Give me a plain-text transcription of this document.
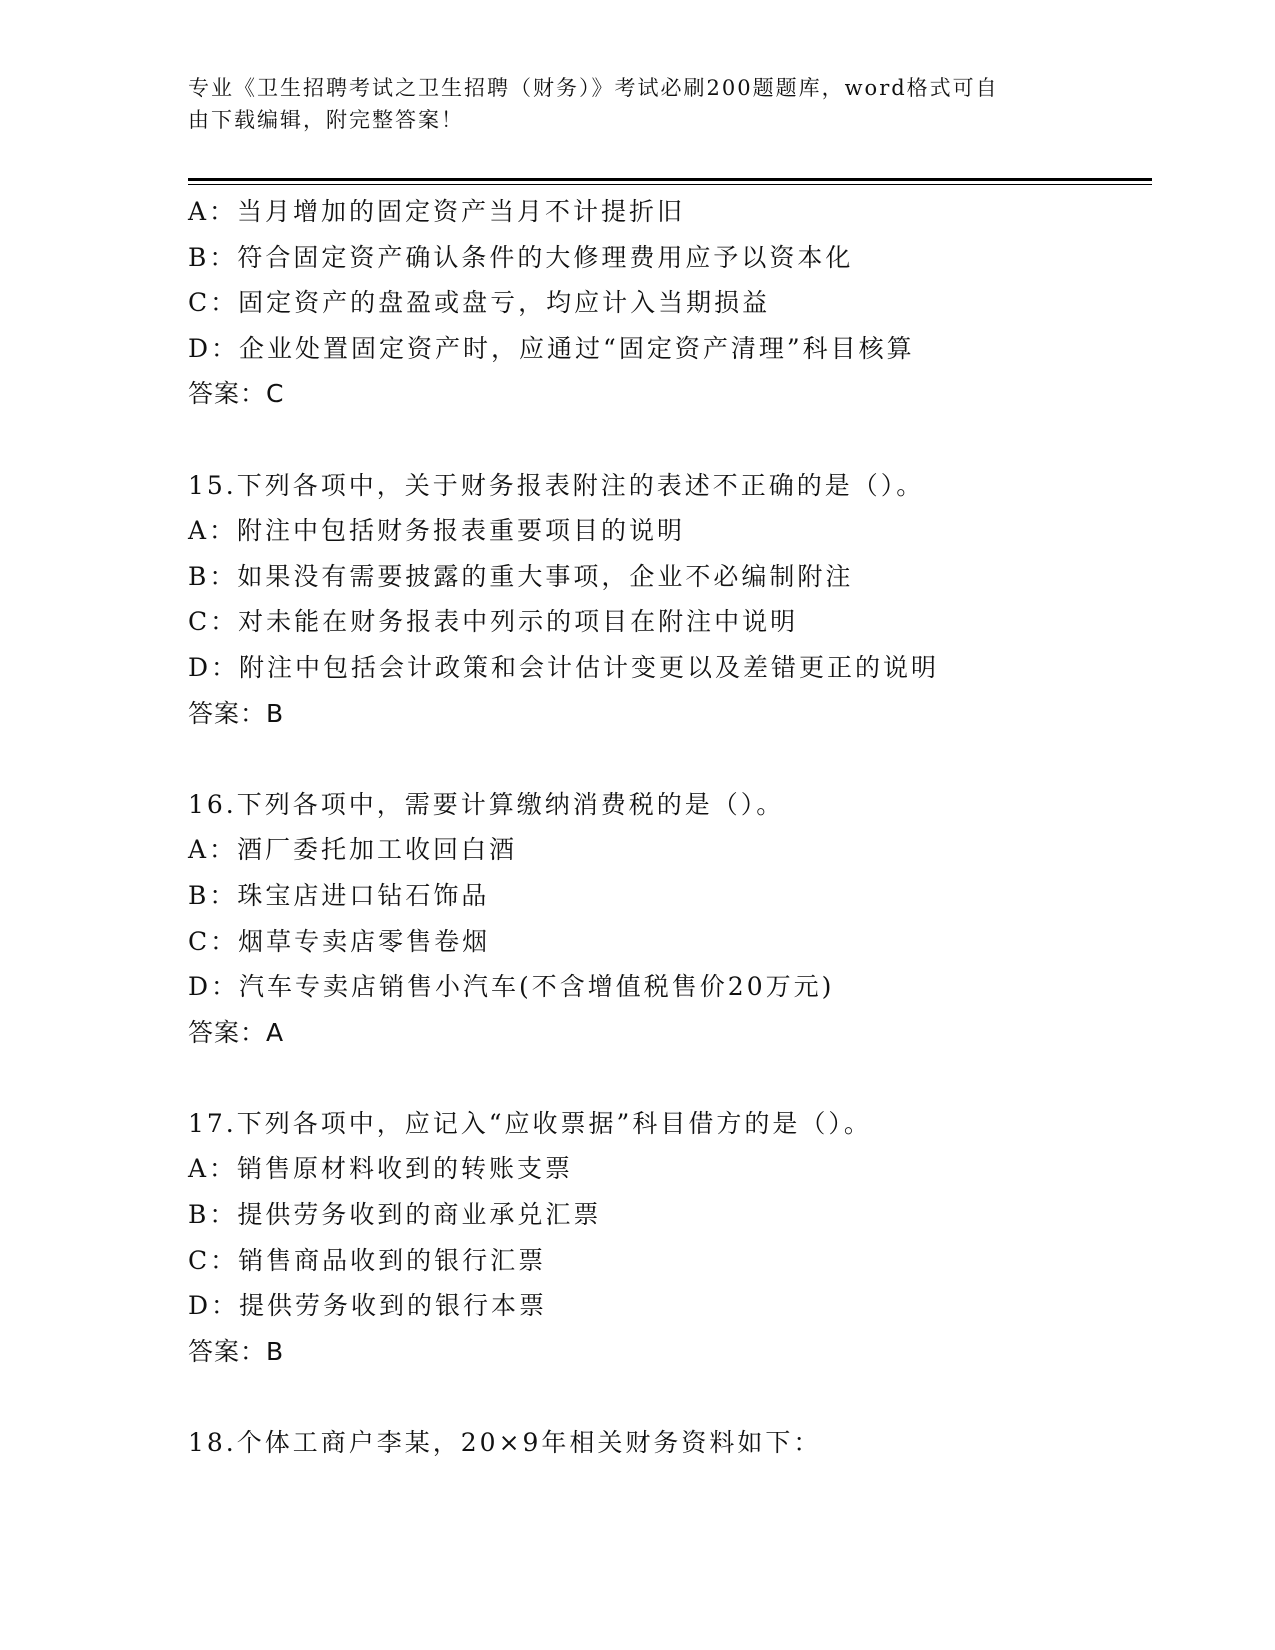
专业《卫生招聘考试之卫生招聘（财务）》考试必刷200题题库，word格式可自
由下载编辑，附完整答案！
A：当月增加的固定资产当月不计提折旧
B：符合固定资产确认条件的大修理费用应予以资本化
C：固定资产的盘盈或盘亏，均应计入当期损益
D：企业处置固定资产时，应通过“固定资产清理”科目核算
答案：C
15.下列各项中，关于财务报表附注的表述不正确的是（）。
A：附注中包括财务报表重要项目的说明
B：如果没有需要披露的重大事项，企业不必编制附注
C：对未能在财务报表中列示的项目在附注中说明
D：附注中包括会计政策和会计估计变更以及差错更正的说明
答案：B
16.下列各项中，需要计算缴纳消费税的是（）。
A：酒厂委托加工收回白酒
B：珠宝店进口钻石饰品
C：烟草专卖店零售卷烟
D：汽车专卖店销售小汽车(不含增值税售价20万元)
答案：A
17.下列各项中，应记入“应收票据”科目借方的是（）。
A：销售原材料收到的转账支票
B：提供劳务收到的商业承兑汇票
C：销售商品收到的银行汇票
D：提供劳务收到的银行本票
答案：B
18.个体工商户李某，20×9年相关财务资料如下：
